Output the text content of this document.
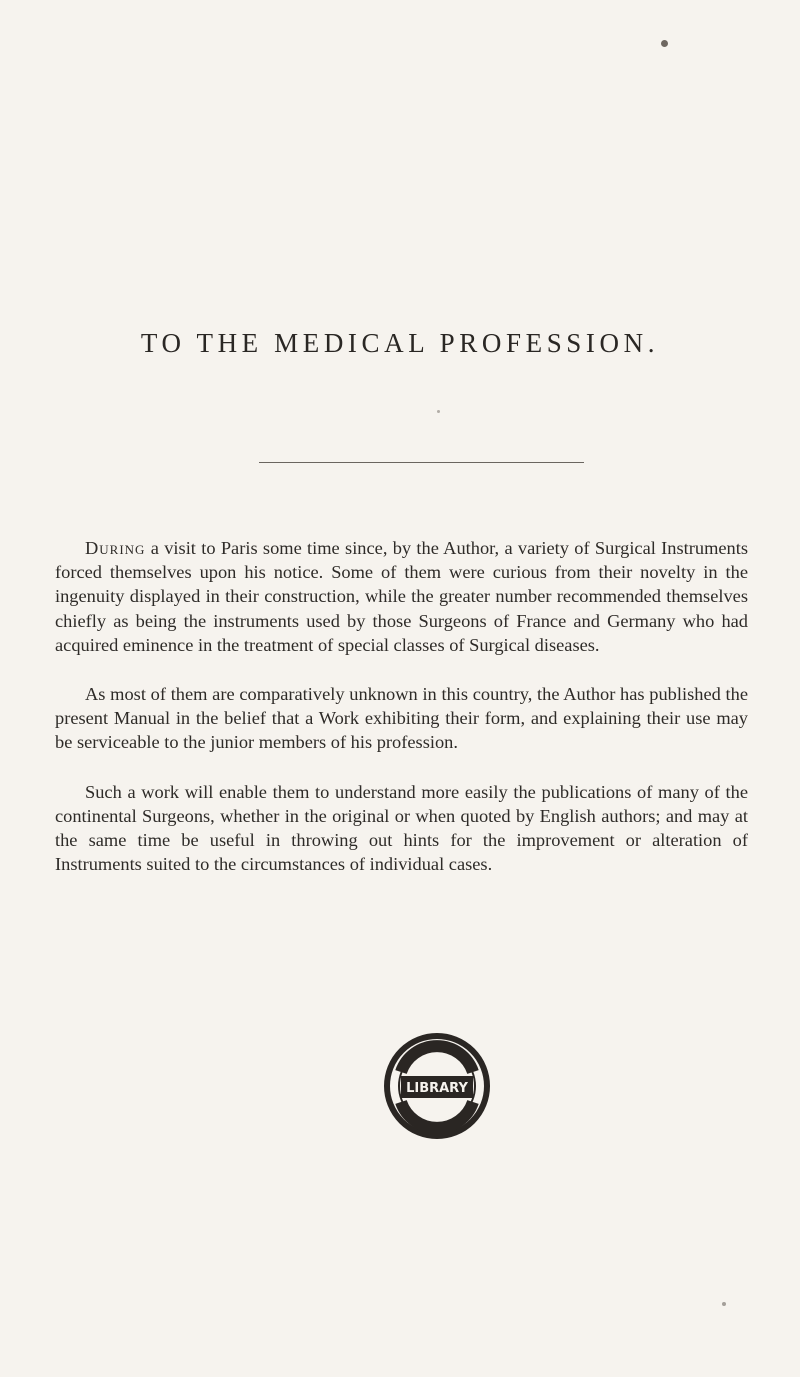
TO THE MEDICAL PROFESSION.

During a visit to Paris some time since, by the Author, a variety of Surgical Instruments forced themselves upon his notice. Some of them were curious from their novelty in the ingenuity displayed in their construction, while the greater number recommended themselves chiefly as being the instruments used by those Surgeons of France and Germany who had acquired eminence in the treatment of special classes of Surgical diseases.

As most of them are comparatively unknown in this country, the Author has published the present Manual in the belief that a Work exhibiting their form, and explaining their use may be serviceable to the junior members of his profession.

Such a work will enable them to understand more easily the publications of many of the continental Surgeons, whether in the original or when quoted by English authors; and may at the same time be useful in throwing out hints for the improvement or alteration of Instruments suited to the circumstances of individual cases.

LIBRARY
